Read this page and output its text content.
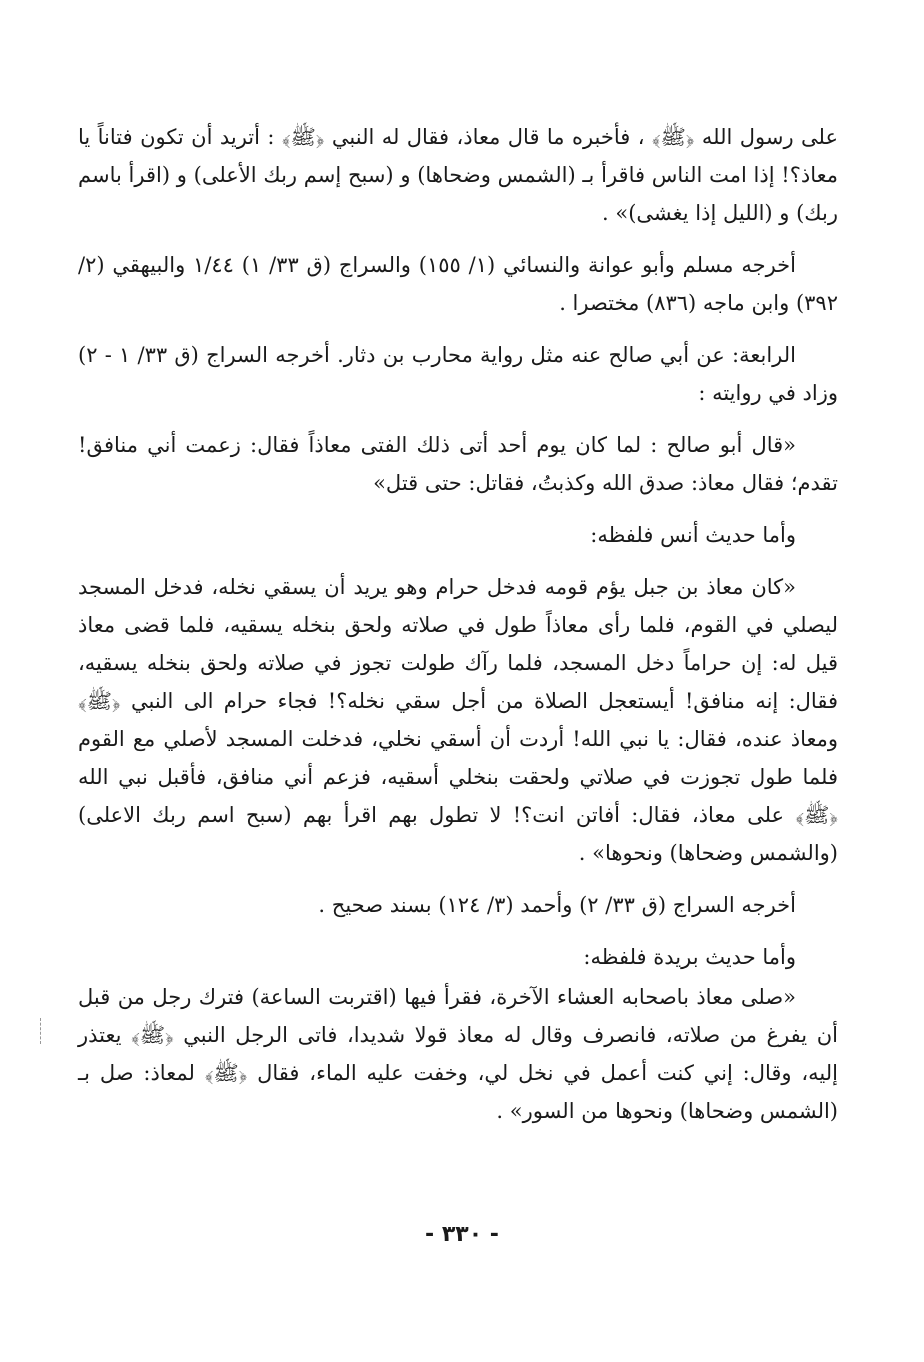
على رسول الله ﴿ﷺ﴾ ، فأخبره ما قال معاذ، فقال له النبي ﴿ﷺ﴾ : أتريد أن تكون فتاناً يا معاذ؟! إذا امت الناس فاقرأ بـ (الشمس وضحاها) و (سبح إسم ربك الأعلى) و (اقرأ باسم ربك) و (الليل إذا يغشى)» .

أخرجه مسلم وأبو عوانة والنسائي (١/ ١٥٥) والسراج (ق ٣٣/ ١) ١/٤٤ والبيهقي (٢/ ٣٩٢) وابن ماجه (٨٣٦) مختصرا .

الرابعة: عن أبي صالح عنه مثل رواية محارب بن دثار. أخرجه السراج (ق ٣٣/ ١ - ٢) وزاد في روايته :

«قال أبو صالح : لما كان يوم أحد أتى ذلك الفتى معاذاً فقال: زعمت أني منافق! تقدم؛ فقال معاذ: صدق الله وكذبتُ، فقاتل: حتى قتل»

وأما حديث أنس فلفظه:

«كان معاذ بن جبل يؤم قومه فدخل حرام وهو يريد أن يسقي نخله، فدخل المسجد ليصلي في القوم، فلما رأى معاذاً طول في صلاته ولحق بنخله يسقيه، فلما قضى معاذ قيل له: إن حراماً دخل المسجد، فلما رآك طولت تجوز في صلاته ولحق بنخله يسقيه، فقال: إنه منافق! أيستعجل الصلاة من أجل سقي نخله؟! فجاء حرام الى النبي ﴿ﷺ﴾ ومعاذ عنده، فقال: يا نبي الله! أردت أن أسقي نخلي، فدخلت المسجد لأصلي مع القوم فلما طول تجوزت في صلاتي ولحقت بنخلي أسقيه، فزعم أني منافق، فأقبل نبي الله ﴿ﷺ﴾ على معاذ، فقال: أفاتن انت؟! لا تطول بهم اقرأ بهم (سبح اسم ربك الاعلى) (والشمس وضحاها) ونحوها» .

أخرجه السراج (ق ٣٣/ ٢) وأحمد (٣/ ١٢٤) بسند صحيح .

وأما حديث بريدة فلفظه:

«صلى معاذ باصحابه العشاء الآخرة، فقرأ فيها (اقتربت الساعة) فترك رجل من قبل أن يفرغ من صلاته، فانصرف وقال له معاذ قولا شديدا، فاتى الرجل النبي ﴿ﷺ﴾ يعتذر إليه، وقال: إني كنت أعمل في نخل لي، وخفت عليه الماء، فقال ﴿ﷺ﴾ لمعاذ: صل بـ (الشمس وضحاها) ونحوها من السور» .

- ٣٣٠ -
